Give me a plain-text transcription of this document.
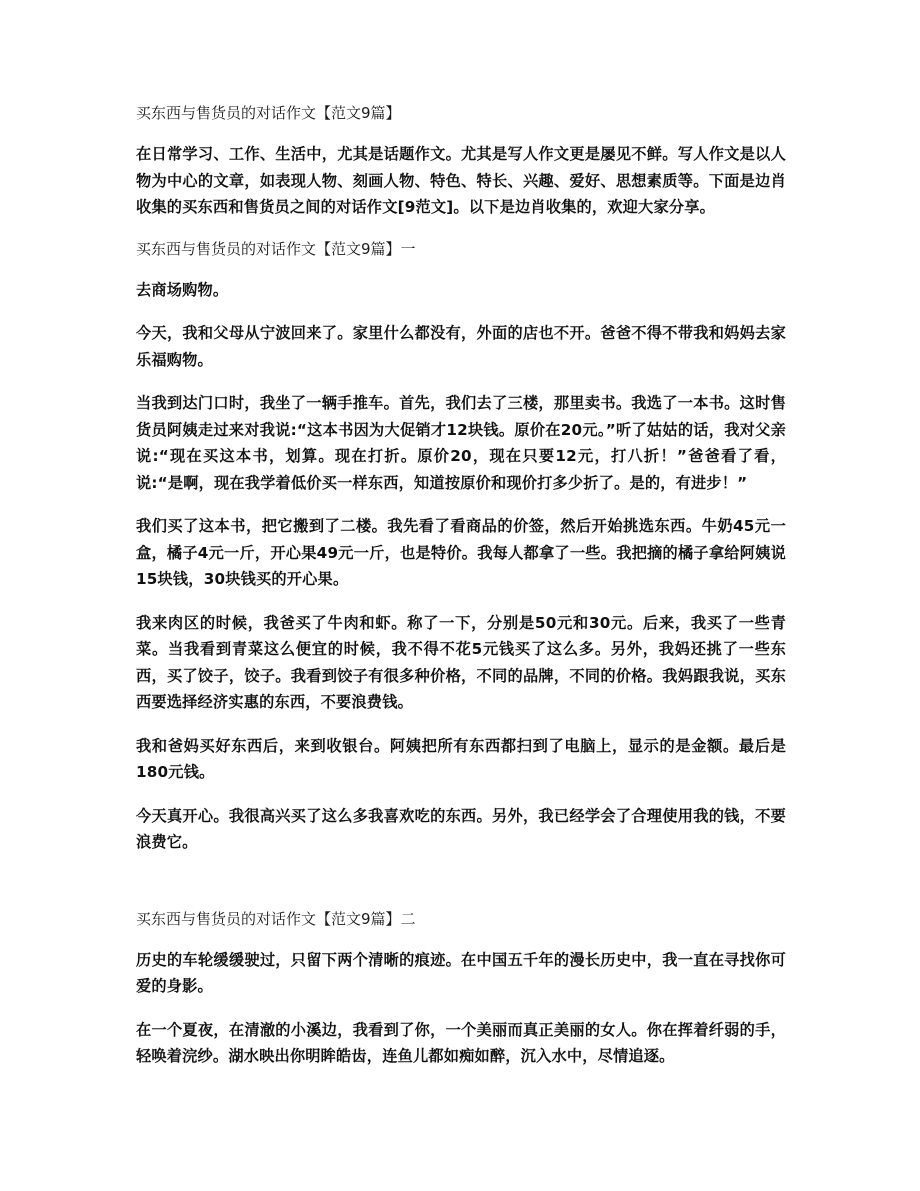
买东西与售货员的对话作文【范文9篇】

在日常学习、工作、生活中，尤其是话题作文。尤其是写人作文更是屡见不鲜。写人作文是以人物为中心的文章，如表现人物、刻画人物、特色、特长、兴趣、爱好、思想素质等。下面是边肖收集的买东西和售货员之间的对话作文[9范文]。以下是边肖收集的，欢迎大家分享。

买东西与售货员的对话作文【范文9篇】一

去商场购物。

今天，我和父母从宁波回来了。家里什么都没有，外面的店也不开。爸爸不得不带我和妈妈去家乐福购物。

当我到达门口时，我坐了一辆手推车。首先，我们去了三楼，那里卖书。我选了一本书。这时售货员阿姨走过来对我说:“这本书因为大促销才12块钱。原价在20元。”听了姑姑的话，我对父亲说:“现在买这本书，划算。现在打折。原价20，现在只要12元，打八折！”爸爸看了看，说:“是啊，现在我学着低价买一样东西，知道按原价和现价打多少折了。是的，有进步！”

我们买了这本书，把它搬到了二楼。我先看了看商品的价签，然后开始挑选东西。牛奶45元一盒，橘子4元一斤，开心果49元一斤，也是特价。我每人都拿了一些。我把摘的橘子拿给阿姨说15块钱，30块钱买的开心果。

我来肉区的时候，我爸买了牛肉和虾。称了一下，分别是50元和30元。后来，我买了一些青菜。当我看到青菜这么便宜的时候，我不得不花5元钱买了这么多。另外，我妈还挑了一些东西，买了饺子，饺子。我看到饺子有很多种价格，不同的品牌，不同的价格。我妈跟我说，买东西要选择经济实惠的东西，不要浪费钱。

我和爸妈买好东西后，来到收银台。阿姨把所有东西都扫到了电脑上，显示的是金额。最后是180元钱。

今天真开心。我很高兴买了这么多我喜欢吃的东西。另外，我已经学会了合理使用我的钱，不要浪费它。

买东西与售货员的对话作文【范文9篇】二

历史的车轮缓缓驶过，只留下两个清晰的痕迹。在中国五千年的漫长历史中，我一直在寻找你可爱的身影。

在一个夏夜，在清澈的小溪边，我看到了你，一个美丽而真正美丽的女人。你在挥着纤弱的手，轻唤着浣纱。湖水映出你明眸皓齿，连鱼儿都如痴如醉，沉入水中，尽情追逐。
